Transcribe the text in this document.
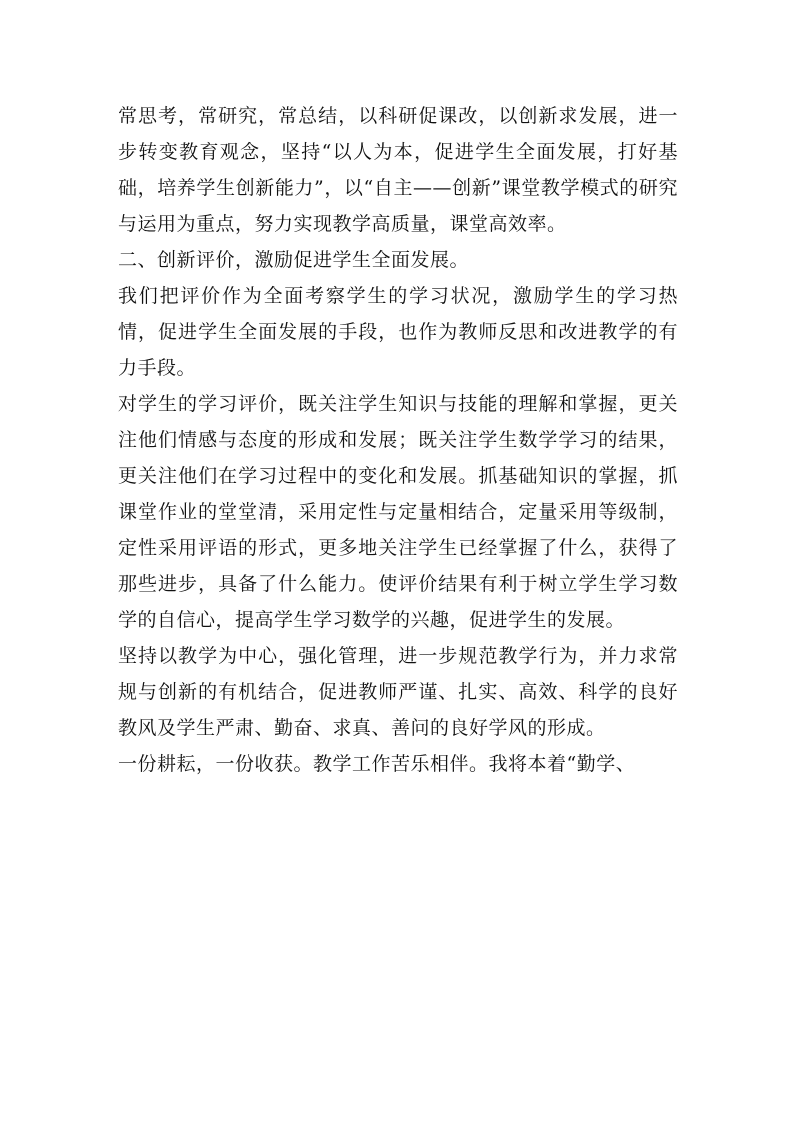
常思考，常研究，常总结，以科研促课改，以创新求发展，进一步转变教育观念，坚持“以人为本，促进学生全面发展，打好基础，培养学生创新能力”，以“自主——创新”课堂教学模式的研究与运用为重点，努力实现教学高质量，课堂高效率。

二、创新评价，激励促进学生全面发展。

我们把评价作为全面考察学生的学习状况，激励学生的学习热情，促进学生全面发展的手段，也作为教师反思和改进教学的有力手段。

对学生的学习评价，既关注学生知识与技能的理解和掌握，更关注他们情感与态度的形成和发展；既关注学生数学学习的结果，更关注他们在学习过程中的变化和发展。抓基础知识的掌握，抓课堂作业的堂堂清，采用定性与定量相结合，定量采用等级制，定性采用评语的形式，更多地关注学生已经掌握了什么，获得了那些进步，具备了什么能力。使评价结果有利于树立学生学习数学的自信心，提高学生学习数学的兴趣，促进学生的发展。

坚持以教学为中心，强化管理，进一步规范教学行为，并力求常规与创新的有机结合，促进教师严谨、扎实、高效、科学的良好教风及学生严肃、勤奋、求真、善问的良好学风的形成。

一份耕耘，一份收获。教学工作苦乐相伴。我将本着“勤学、
